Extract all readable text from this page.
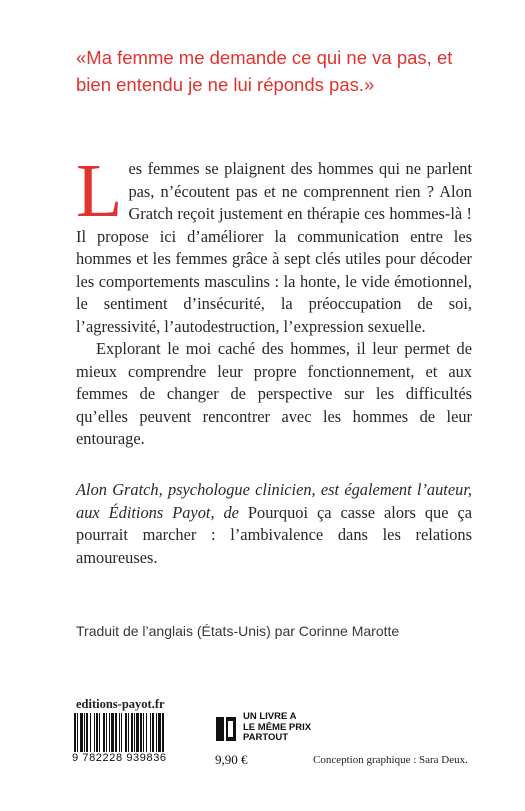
«Ma femme me demande ce qui ne va pas, et bien entendu je ne lui réponds pas.»

Les femmes se plaignent des hommes qui ne parlent pas, n’écoutent pas et ne comprennent rien ? Alon Gratch reçoit justement en thérapie ces hommes-là ! Il propose ici d’améliorer la communication entre les hommes et les femmes grâce à sept clés utiles pour décoder les comportements masculins : la honte, le vide émotionnel, le sentiment d’insécurité, la préoccupation de soi, l’agressivité, l’autodestruction, l’expression sexuelle.

Explorant le moi caché des hommes, il leur permet de mieux comprendre leur propre fonctionnement, et aux femmes de changer de perspective sur les difficultés qu’elles peuvent rencontrer avec les hommes de leur entourage.

Alon Gratch, psychologue clinicien, est également l’auteur, aux Éditions Payot, de Pourquoi ça casse alors que ça pourrait marcher : l’ambivalence dans les relations amoureuses.

Traduit de l’anglais (États-Unis) par Corinne Marotte

editions-payot.fr
9 782228 939836
UN LIVRE A
LE MÊME PRIX
PARTOUT
9,90 €	Conception graphique : Sara Deux.
